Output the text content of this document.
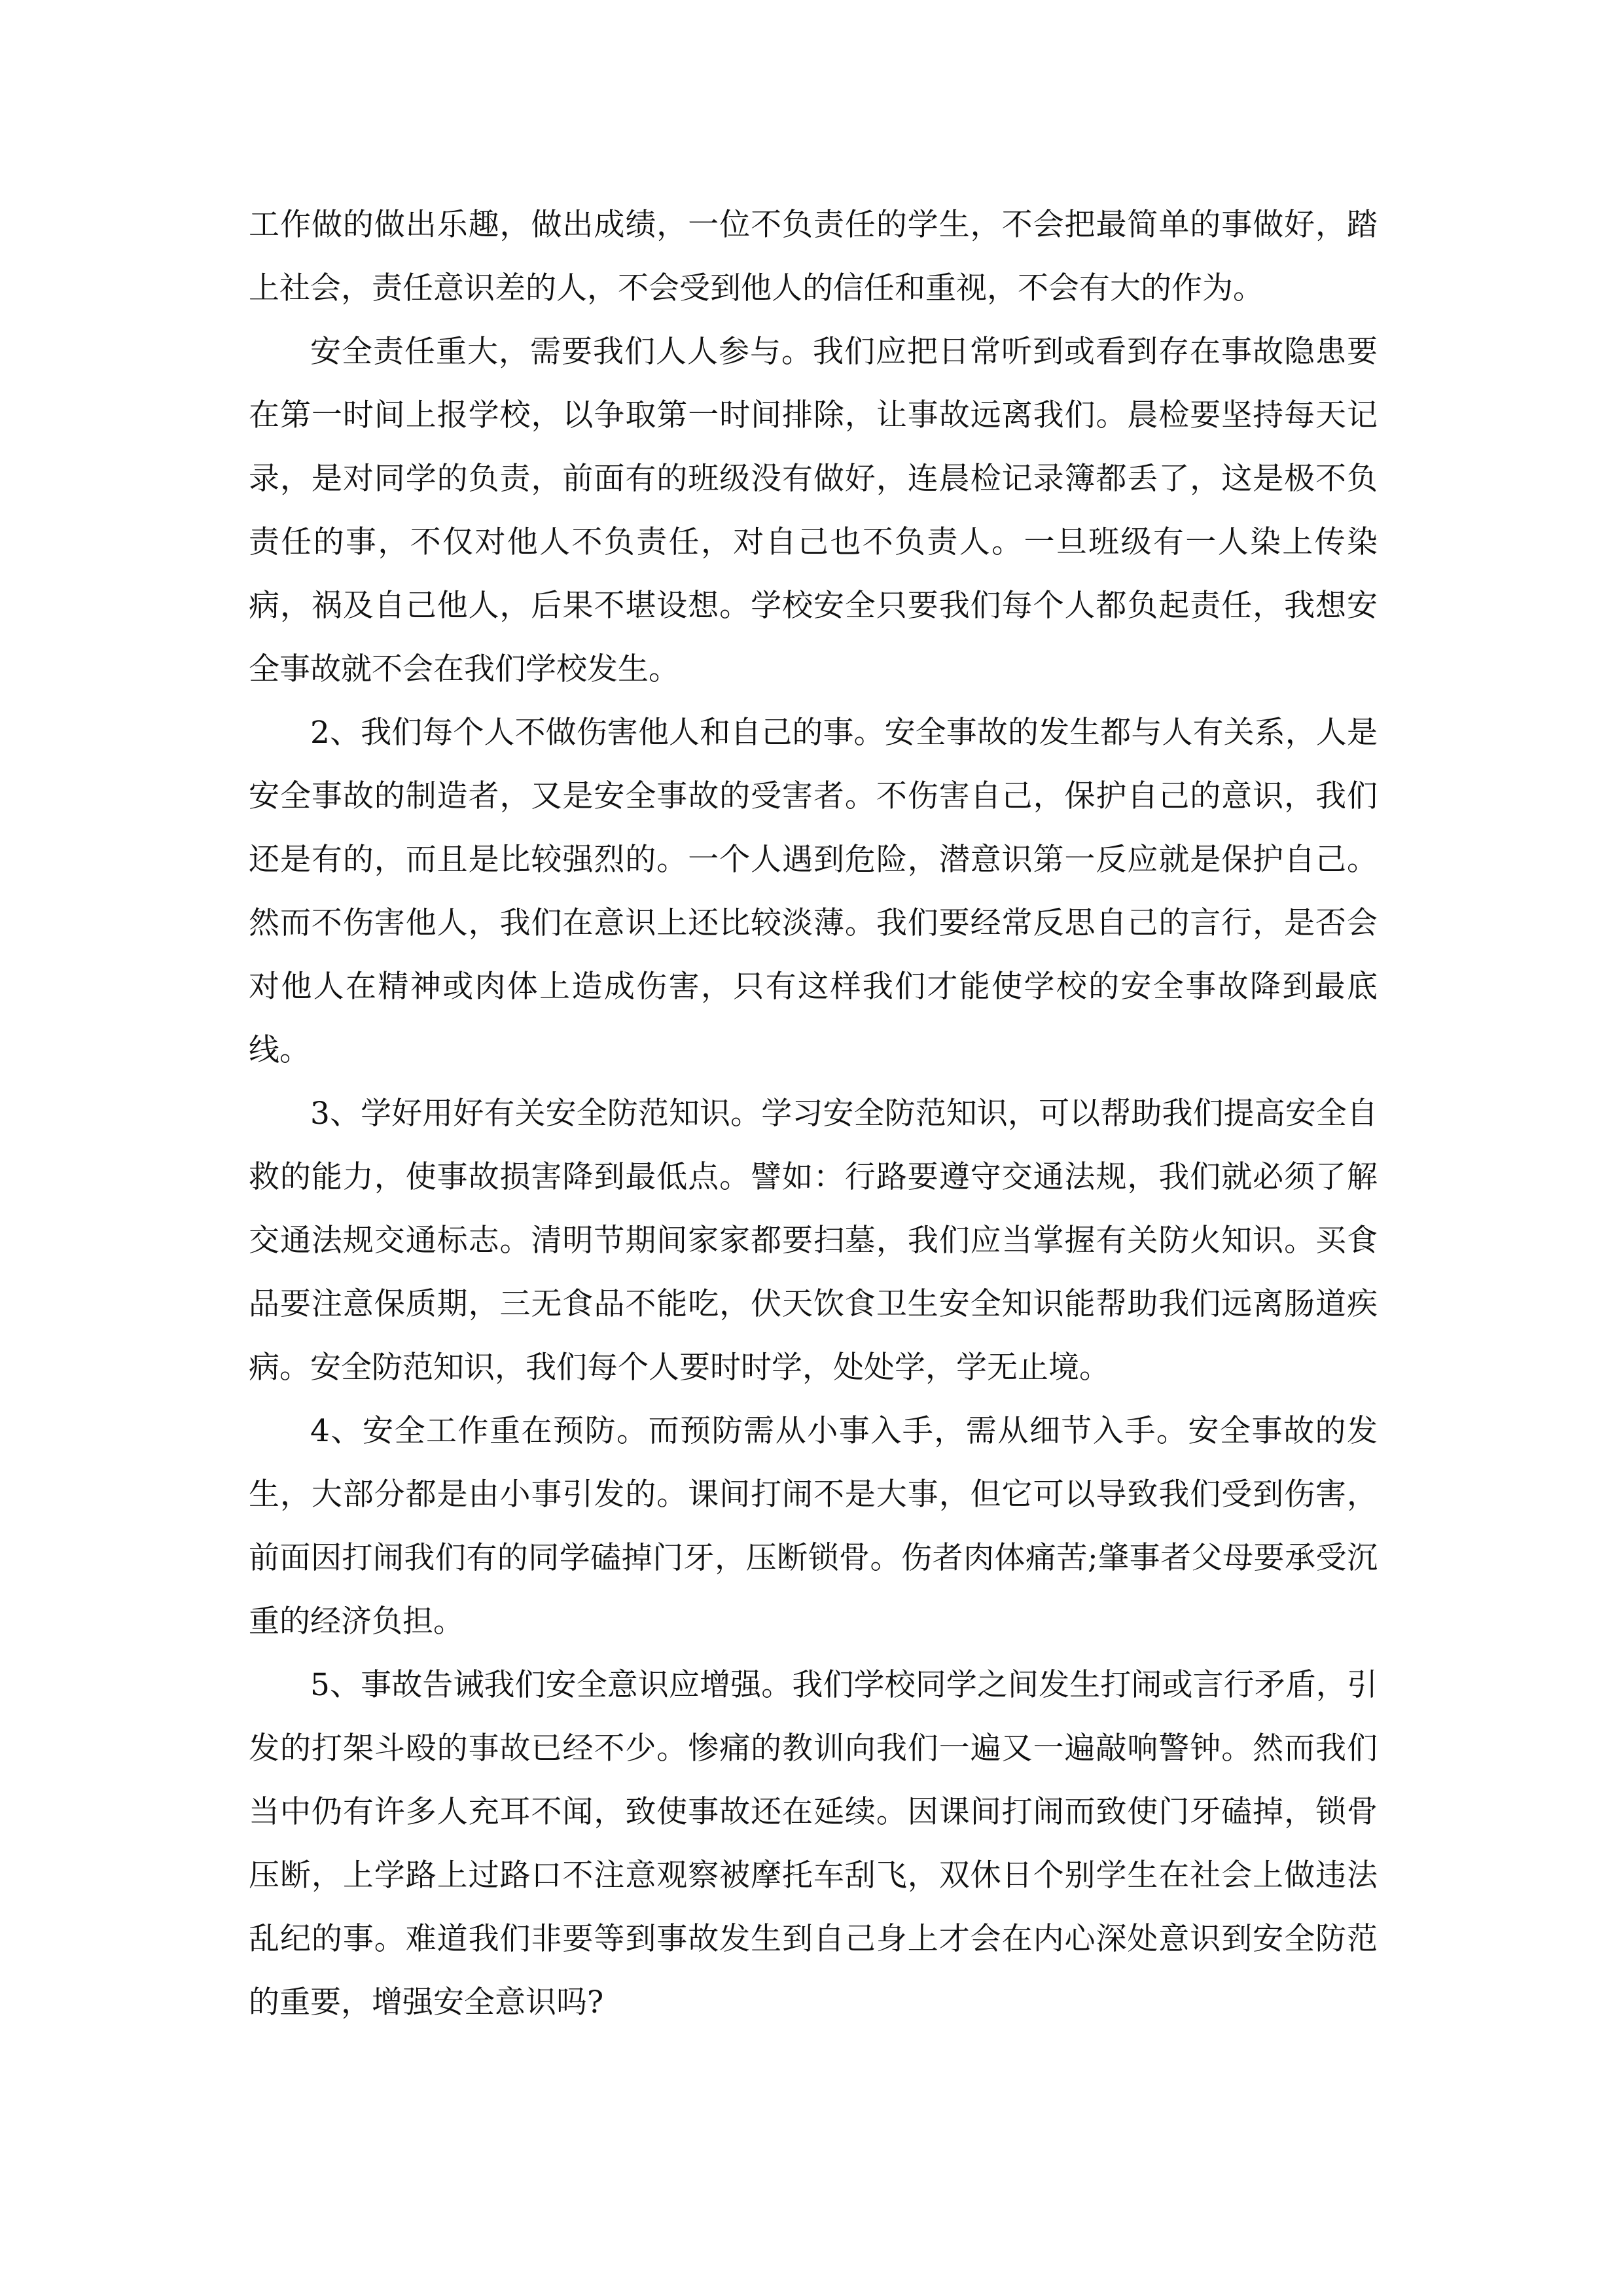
工作做的做出乐趣，做出成绩，一位不负责任的学生，不会把最简单的事做好，踏上社会，责任意识差的人，不会受到他人的信任和重视，不会有大的作为。

安全责任重大，需要我们人人参与。我们应把日常听到或看到存在事故隐患要在第一时间上报学校，以争取第一时间排除，让事故远离我们。晨检要坚持每天记录，是对同学的负责，前面有的班级没有做好，连晨检记录簿都丢了，这是极不负责任的事，不仅对他人不负责任，对自己也不负责人。一旦班级有一人染上传染病，祸及自己他人，后果不堪设想。学校安全只要我们每个人都负起责任，我想安全事故就不会在我们学校发生。

2、我们每个人不做伤害他人和自己的事。安全事故的发生都与人有关系，人是安全事故的制造者，又是安全事故的受害者。不伤害自己，保护自己的意识，我们还是有的，而且是比较强烈的。一个人遇到危险，潜意识第一反应就是保护自己。然而不伤害他人，我们在意识上还比较淡薄。我们要经常反思自己的言行，是否会对他人在精神或肉体上造成伤害，只有这样我们才能使学校的安全事故降到最底线。

3、学好用好有关安全防范知识。学习安全防范知识，可以帮助我们提高安全自救的能力，使事故损害降到最低点。譬如：行路要遵守交通法规，我们就必须了解交通法规交通标志。清明节期间家家都要扫墓，我们应当掌握有关防火知识。买食品要注意保质期，三无食品不能吃，伏天饮食卫生安全知识能帮助我们远离肠道疾病。安全防范知识，我们每个人要时时学，处处学，学无止境。

4、安全工作重在预防。而预防需从小事入手，需从细节入手。安全事故的发生，大部分都是由小事引发的。课间打闹不是大事，但它可以导致我们受到伤害，前面因打闹我们有的同学磕掉门牙，压断锁骨。伤者肉体痛苦;肇事者父母要承受沉重的经济负担。

5、事故告诫我们安全意识应增强。我们学校同学之间发生打闹或言行矛盾，引发的打架斗殴的事故已经不少。惨痛的教训向我们一遍又一遍敲响警钟。然而我们当中仍有许多人充耳不闻，致使事故还在延续。因课间打闹而致使门牙磕掉，锁骨压断，上学路上过路口不注意观察被摩托车刮飞，双休日个别学生在社会上做违法乱纪的事。难道我们非要等到事故发生到自己身上才会在内心深处意识到安全防范的重要，增强安全意识吗?
